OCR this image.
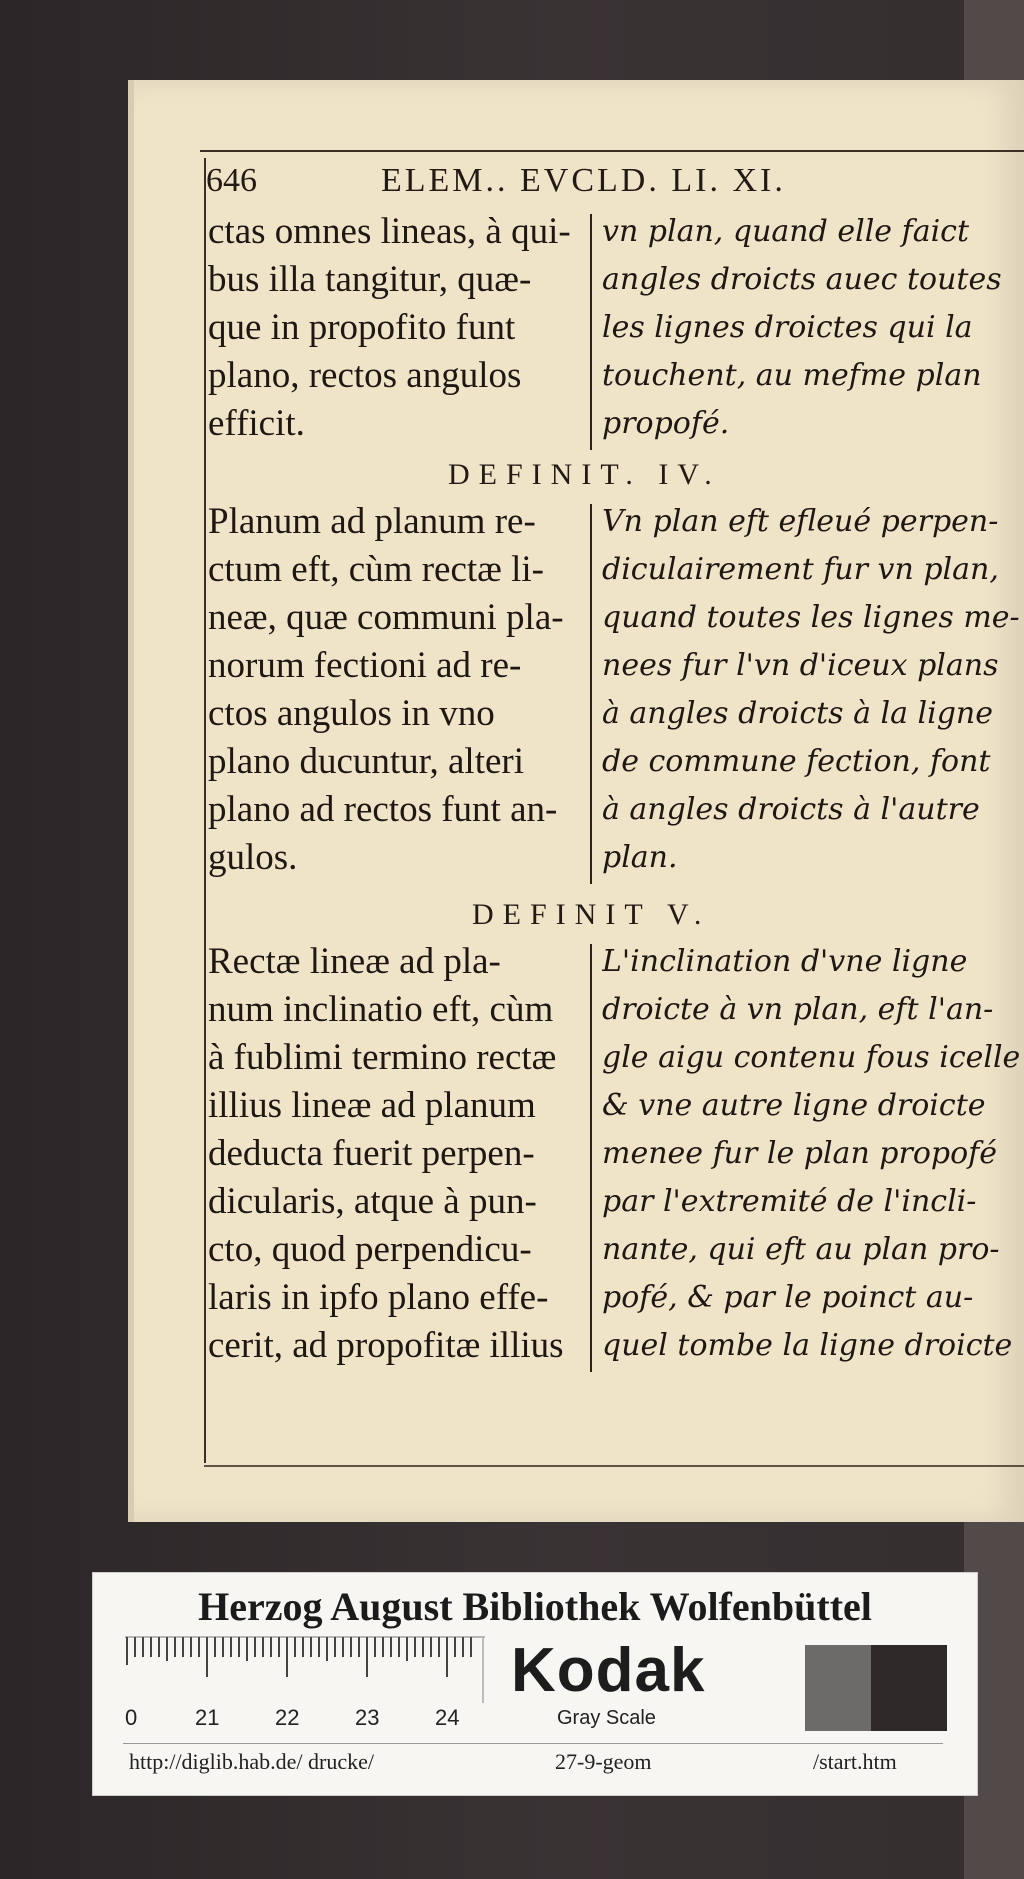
646	ELEM.. EVCLD. LI. XI.

ctas omnes lineas, à qui-

bus illa tangitur, quæ-

que in propofito funt

plano, rectos angulos

efficit.

vn plan, quand elle faict

angles droicts auec toutes

les lignes droictes qui la

touchent, au mefme plan

propofé.

DEFINIT. IV.

Planum ad planum re-

ctum eft, cùm rectæ li-

neæ, quæ communi pla-

norum fectioni ad re-

ctos angulos in vno

plano ducuntur, alteri

plano ad rectos funt an-

gulos.

Vn plan eft efleué perpen-

diculairement fur vn plan,

quand toutes les lignes me-

nees fur l'vn d'iceux plans

à angles droicts à la ligne

de commune fection, font

à angles droicts à l'autre

plan.

DEFINIT V.

Rectæ lineæ ad pla-

num inclinatio eft, cùm

à fublimi termino rectæ

illius lineæ ad planum

deducta fuerit perpen-

dicularis, atque à pun-

cto, quod perpendicu-

laris in ipfo plano effe-

cerit, ad propofitæ illius

L'inclination d'vne ligne

droicte à vn plan, eft l'an-

gle aigu contenu fous icelle

& vne autre ligne droicte

menee fur le plan propofé

par l'extremité de l'incli-

nante, qui eft au plan pro-

pofé, & par le poinct au-

quel tombe la ligne droicte

Herzog August Bibliothek Wolfenbüttel
0	21	22	23	24
Kodak
Gray Scale
http://diglib.hab.de/ drucke/	27-9-geom	/start.htm
